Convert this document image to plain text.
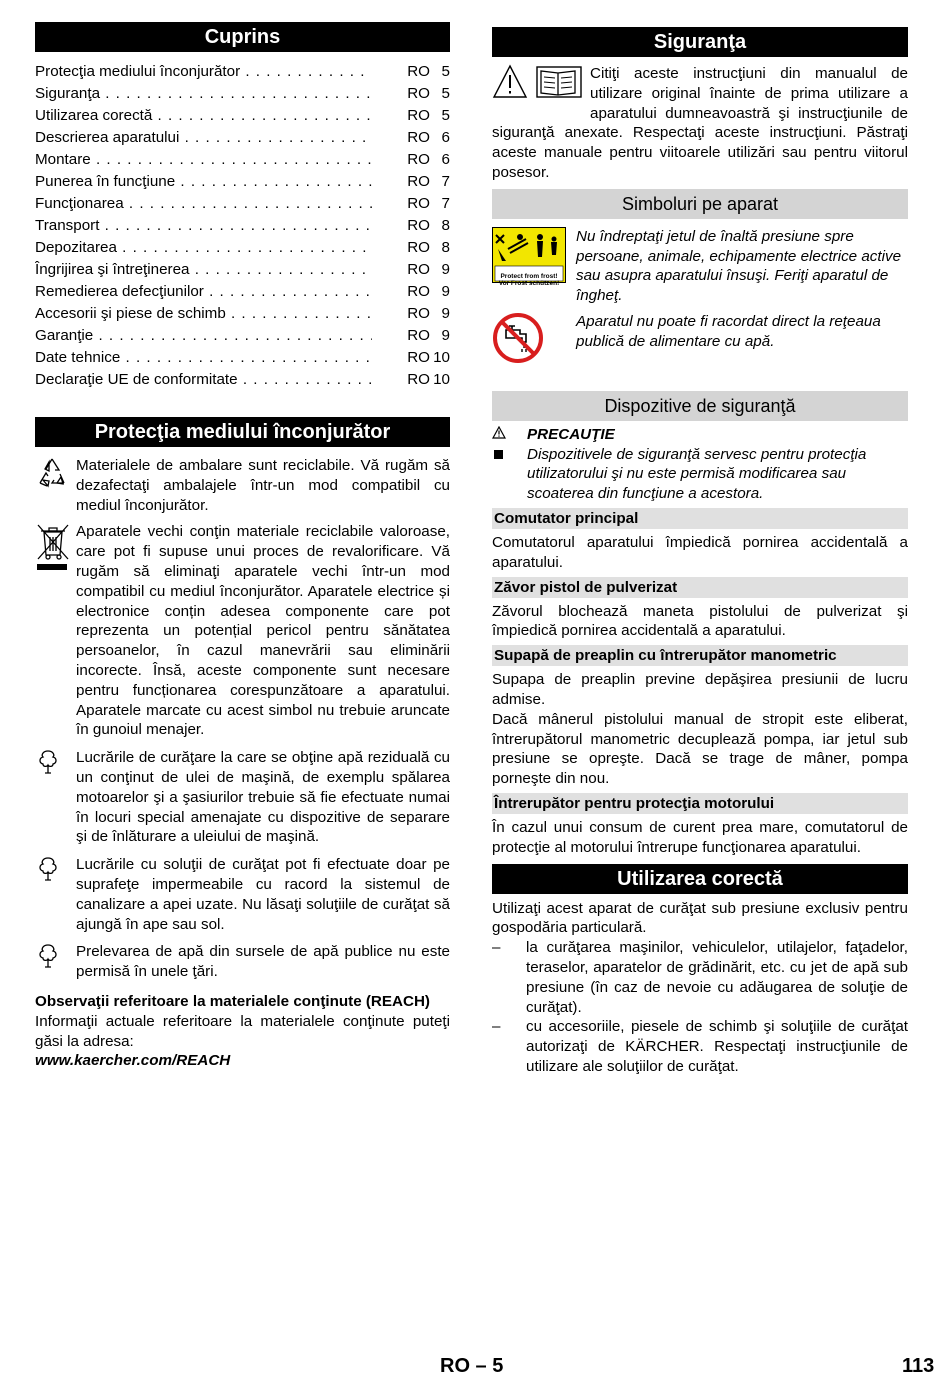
Cuprins
Protecţia mediului înconjurător . . .	RO 5
Siguranţa . . .	RO 5
Utilizarea corectă . . .	RO 5
Descrierea aparatului . . .	RO 6
Montare . . .	RO 6
Punerea în funcţiune . . .	RO 7
Funcţionarea . . .	RO 7
Transport . . .	RO 8
Depozitarea . . .	RO 8
Îngrijirea şi întreţinerea . . .	RO 9
Remedierea defecţiunilor . . .	RO 9
Accesorii şi piese de schimb . . .	RO 9
Garanţie . . .	RO 9
Date tehnice . . .	RO 10
Declaraţie UE de conformitate . . .	RO 10
Protecţia mediului înconjurător
Materialele de ambalare sunt reciclabile. Vă rugăm să dezafectaţi ambalajele într-un mod compatibil cu mediul înconjurător.
Aparatele vechi conţin materiale reciclabile valoroase, care pot fi supuse unui proces de revalorificare. Vă rugăm să eliminaţi aparatele vechi într-un mod compatibil cu mediul înconjurător. Aparatele electrice și electronice conțin adesea componente care pot reprezenta un potențial pericol pentru sănătatea persoanelor, în cazul manevrării sau eliminării incorecte. Însă, aceste componente sunt necesare pentru funcționarea corespunzătoare a aparatului. Aparatele marcate cu acest simbol nu trebuie aruncate în gunoiul menajer.
Lucrările de curăţare la care se obţine apă reziduală cu un conţinut de ulei de maşină, de exemplu spălarea motoarelor şi a şasiurilor trebuie să fie efectuate numai în locuri special amenajate cu dispozitive de separare şi de înlăturare a uleiului de maşină.
Lucrările cu soluţii de curăţat pot fi efectuate doar pe suprafeţe impermeabile cu racord la sistemul de canalizare a apei uzate. Nu lăsaţi soluţiile de curăţat să ajungă în ape sau sol.
Prelevarea de apă din sursele de apă publice nu este permisă în unele ţări.

Observaţii referitoare la materialele conţinute (REACH)

Informaţii actuale referitoare la materialele conţinute puteţi găsi la adresa:

www.kaercher.com/REACH

Siguranţa

Citiţi aceste instrucţiuni din manualul de utilizare original înainte de prima utilizare a aparatului dumneavoastră şi instrucţiunile de siguranţă anexate. Respectaţi aceste instrucţiuni. Păstraţi aceste manuale pentru viitoarele utilizări sau pentru viitorul posesor.

Simboluri pe aparat
Protect from frost!
Vor Frost schützen!

Nu îndreptaţi jetul de înaltă presiune spre persoane, animale, echipamente electrice active sau asupra aparatului însuşi. Feriţi aparatul de îngheţ.

Aparatul nu poate fi racordat direct la reţeaua publică de alimentare cu apă.

Dispozitive de siguranţă

PRECAUŢIE

Dispozitivele de siguranţă servesc pentru protecţia utilizatorului şi nu este permisă modificarea sau scoaterea din funcţiune a acestora.

Comutator principal

Comutatorul aparatului împiedică pornirea accidentală a aparatului.

Zăvor pistol de pulverizat

Zăvorul blochează maneta pistolului de pulverizat şi împiedică pornirea accidentală a aparatului.

Supapă de preaplin cu întrerupător manometric

Supapa de preaplin previne depăşirea presiunii de lucru admise.

Dacă mânerul pistolului manual de stropit este eliberat, întrerupătorul manometric decuplează pompa, iar jetul sub presiune se opreşte. Dacă se trage de mâner, pompa porneşte din nou.

Întrerupător pentru protecţia motorului

În cazul unui consum de curent prea mare, comutatorul de protecţie al motorului întrerupe funcţionarea aparatului.

Utilizarea corectă

Utilizaţi acest aparat de curăţat sub presiune exclusiv pentru gospodăria particulară.

–	la curăţarea maşinilor, vehiculelor, utilajelor, faţadelor, teraselor, aparatelor de grădinărit, etc. cu jet de apă sub presiune (în caz de nevoie cu adăugarea de soluţie de curăţat).
–	cu accesoriile, piesele de schimb şi soluţiile de curăţat autorizaţi de KÄRCHER. Respectaţi instrucţiunile de utilizare ale soluţiilor de curăţat.
RO – 5	113
